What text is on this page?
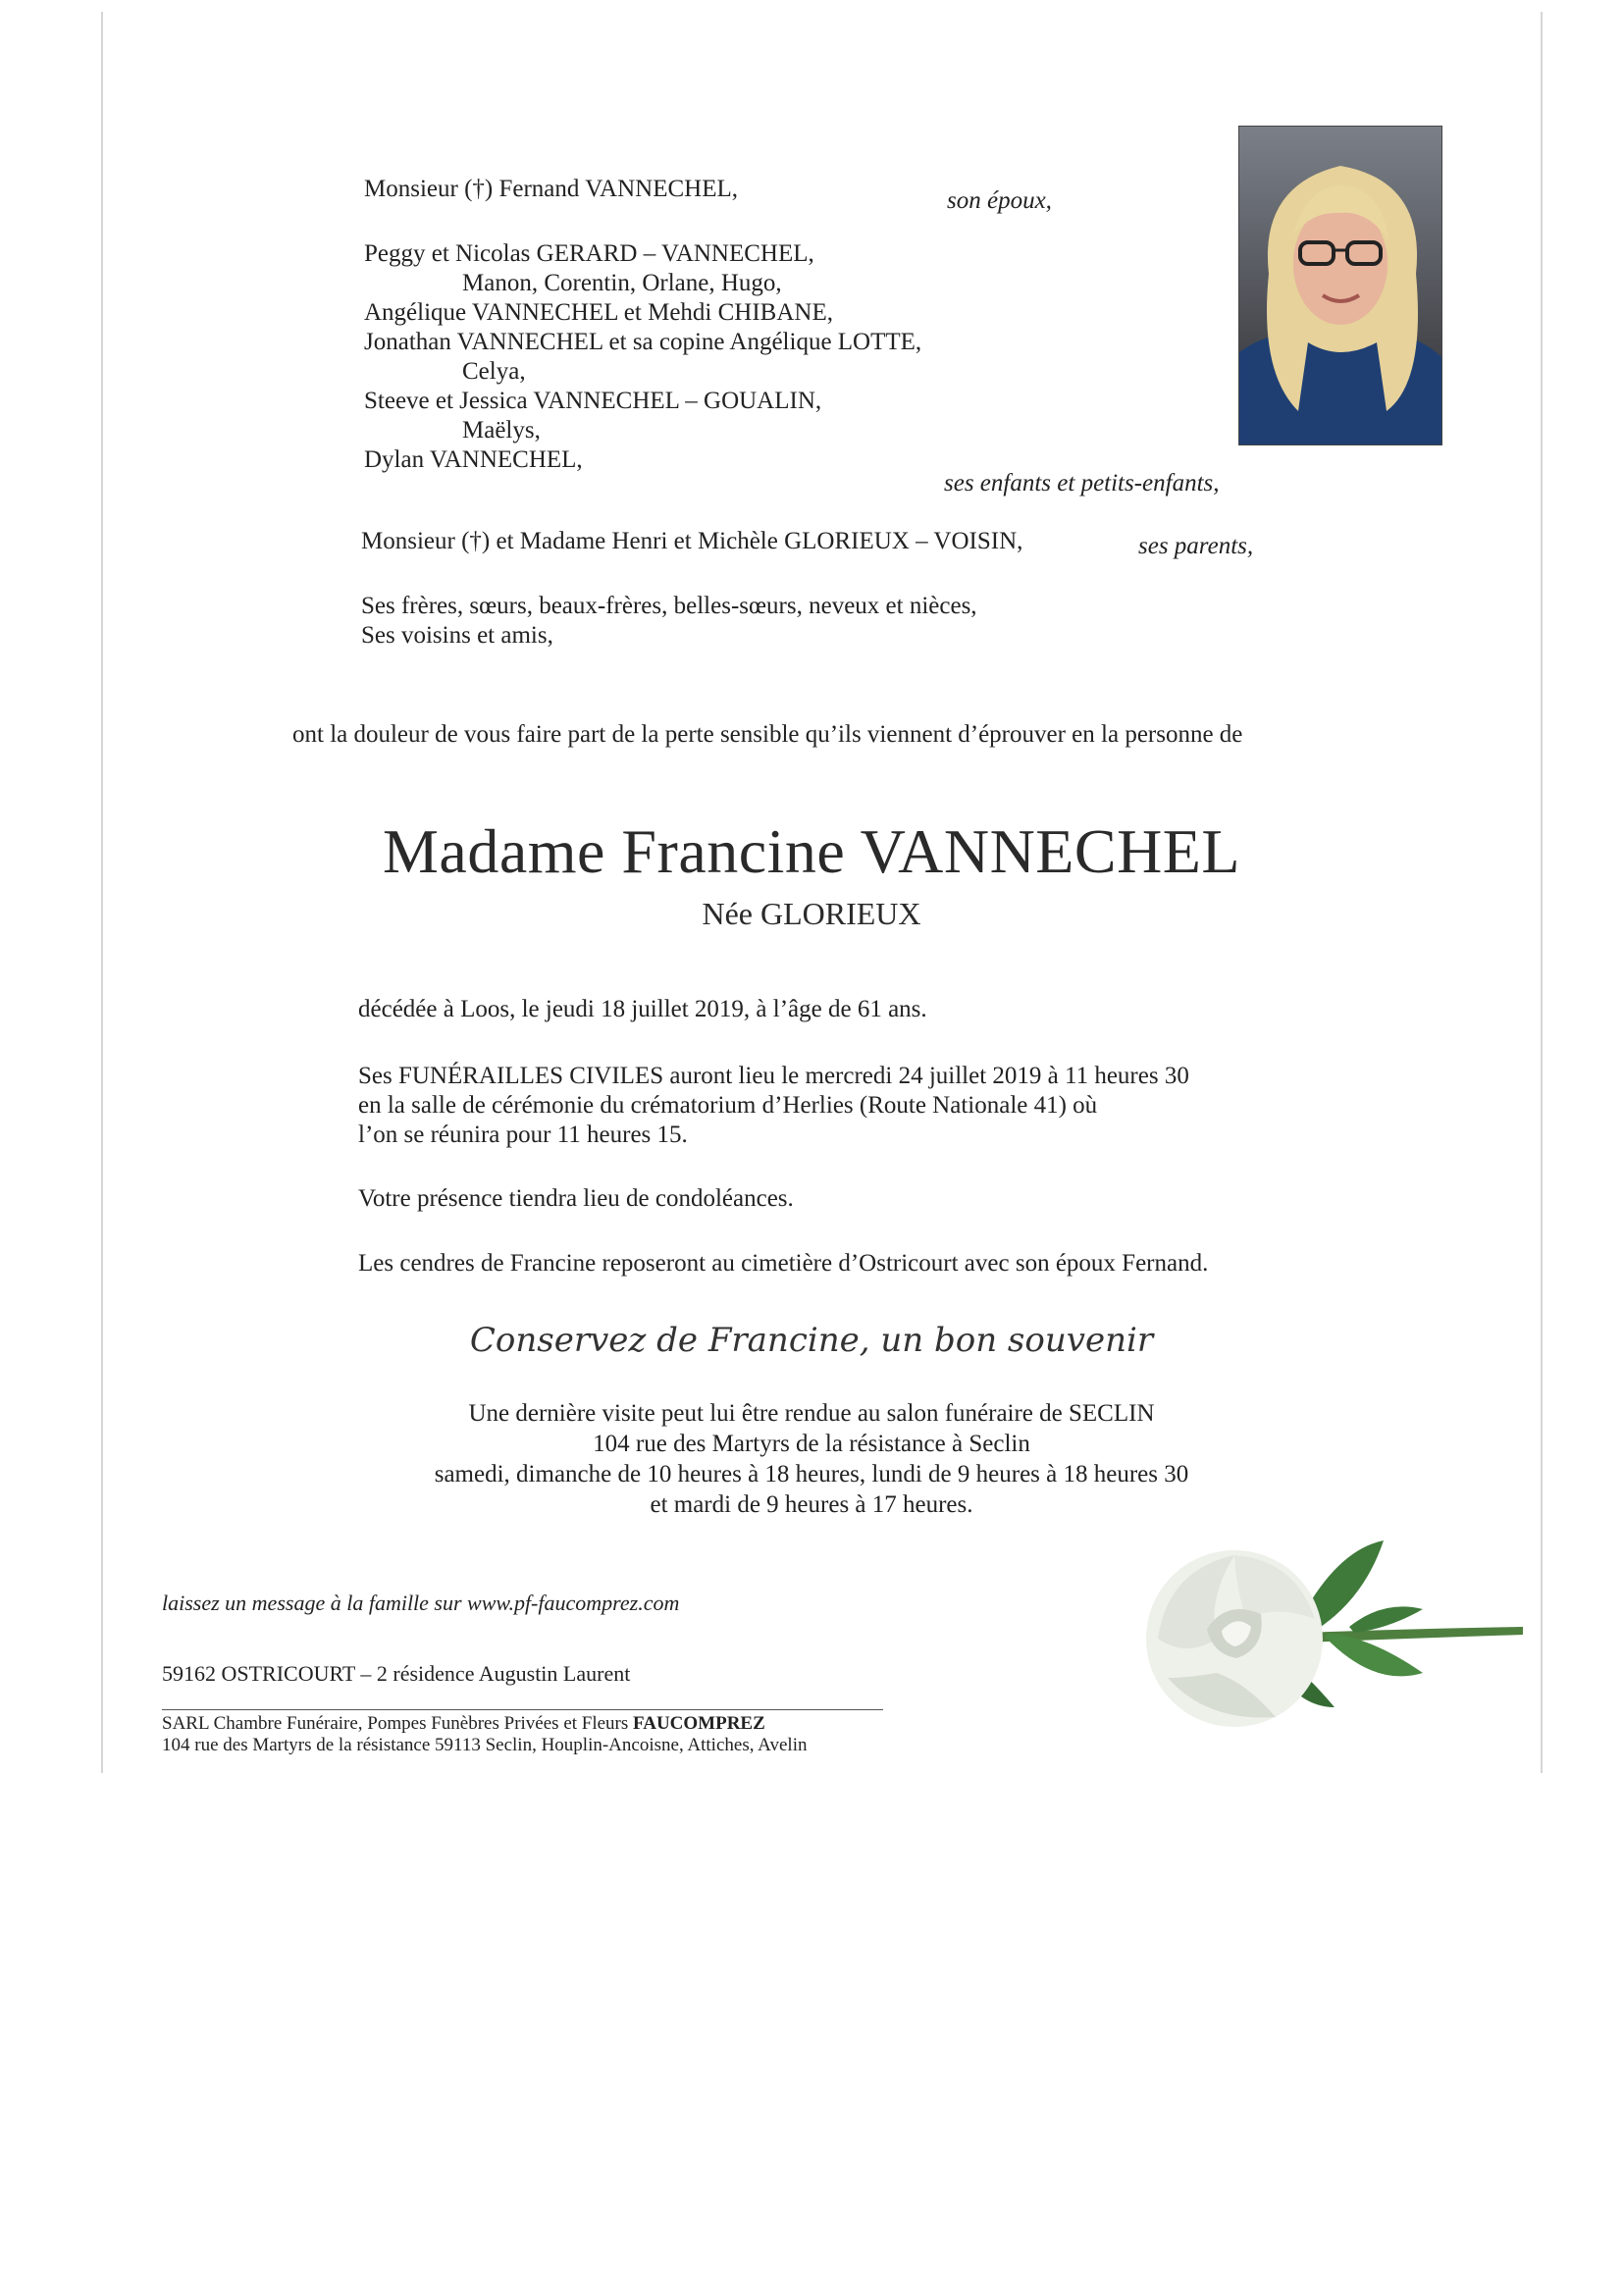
Monsieur (†) Fernand VANNECHEL,	son époux,

Peggy et Nicolas GERARD – VANNECHEL,
Manon, Corentin, Orlane, Hugo,
Angélique VANNECHEL et Mehdi CHIBANE,
Jonathan VANNECHEL et sa copine Angélique LOTTE,
Celya,
Steeve et Jessica VANNECHEL – GOUALIN,
Maëlys,
Dylan VANNECHEL,

ses enfants et petits-enfants,

Monsieur (†) et Madame Henri et Michèle GLORIEUX – VOISIN,	ses parents,

Ses frères, sœurs, beaux-frères, belles-sœurs, neveux et nièces,

Ses voisins et amis,

ont la douleur de vous faire part de la perte sensible qu’ils viennent d’éprouver en la personne de

Madame Francine VANNECHEL
Née GLORIEUX

décédée à Loos, le jeudi 18 juillet 2019, à l’âge de 61 ans.

Ses FUNÉRAILLES CIVILES auront lieu le mercredi 24 juillet 2019 à 11 heures 30

en la salle de cérémonie du crématorium d’Herlies (Route Nationale 41) où

l’on se réunira pour 11 heures 15.

Votre présence tiendra lieu de condoléances.

Les cendres de Francine reposeront au cimetière d’Ostricourt avec son époux Fernand.

Conservez de Francine, un bon souvenir
Une dernière visite peut lui être rendue au salon funéraire de SECLIN
104 rue des Martyrs de la résistance à Seclin
samedi, dimanche de 10 heures à 18 heures, lundi de 9 heures à 18 heures 30
et mardi de 9 heures à 17 heures.
laissez un message à la famille sur www.pf-faucomprez.com
59162 OSTRICOURT – 2 résidence Augustin Laurent
SARL Chambre Funéraire, Pompes Funèbres Privées et Fleurs FAUCOMPREZ
104 rue des Martyrs de la résistance 59113 Seclin, Houplin-Ancoisne, Attiches, Avelin
